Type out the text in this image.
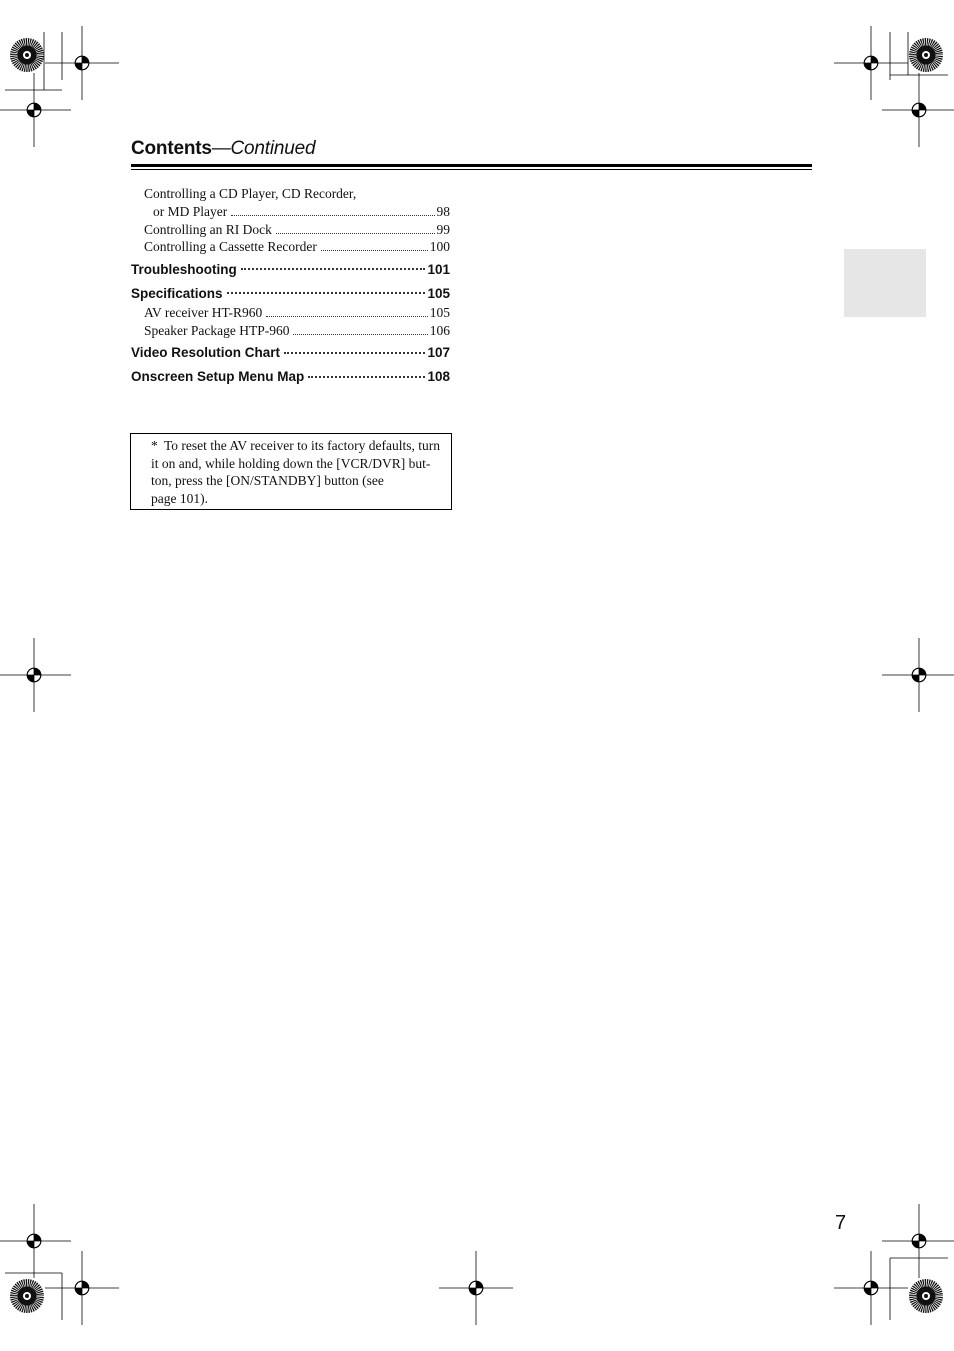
Contents—Continued
Controlling a CD Player, CD Recorder,
or MD Player	98
Controlling an RI Dock	99
Controlling a Cassette Recorder	100
Troubleshooting	101
Specifications	105
AV receiver HT-R960	105
Speaker Package HTP-960	106
Video Resolution Chart	107
Onscreen Setup Menu Map	108
* To reset the AV receiver to its factory defaults, turn
it on and, while holding down the [VCR/DVR] but-
ton, press the [ON/STANDBY] button (see
page 101).
7
